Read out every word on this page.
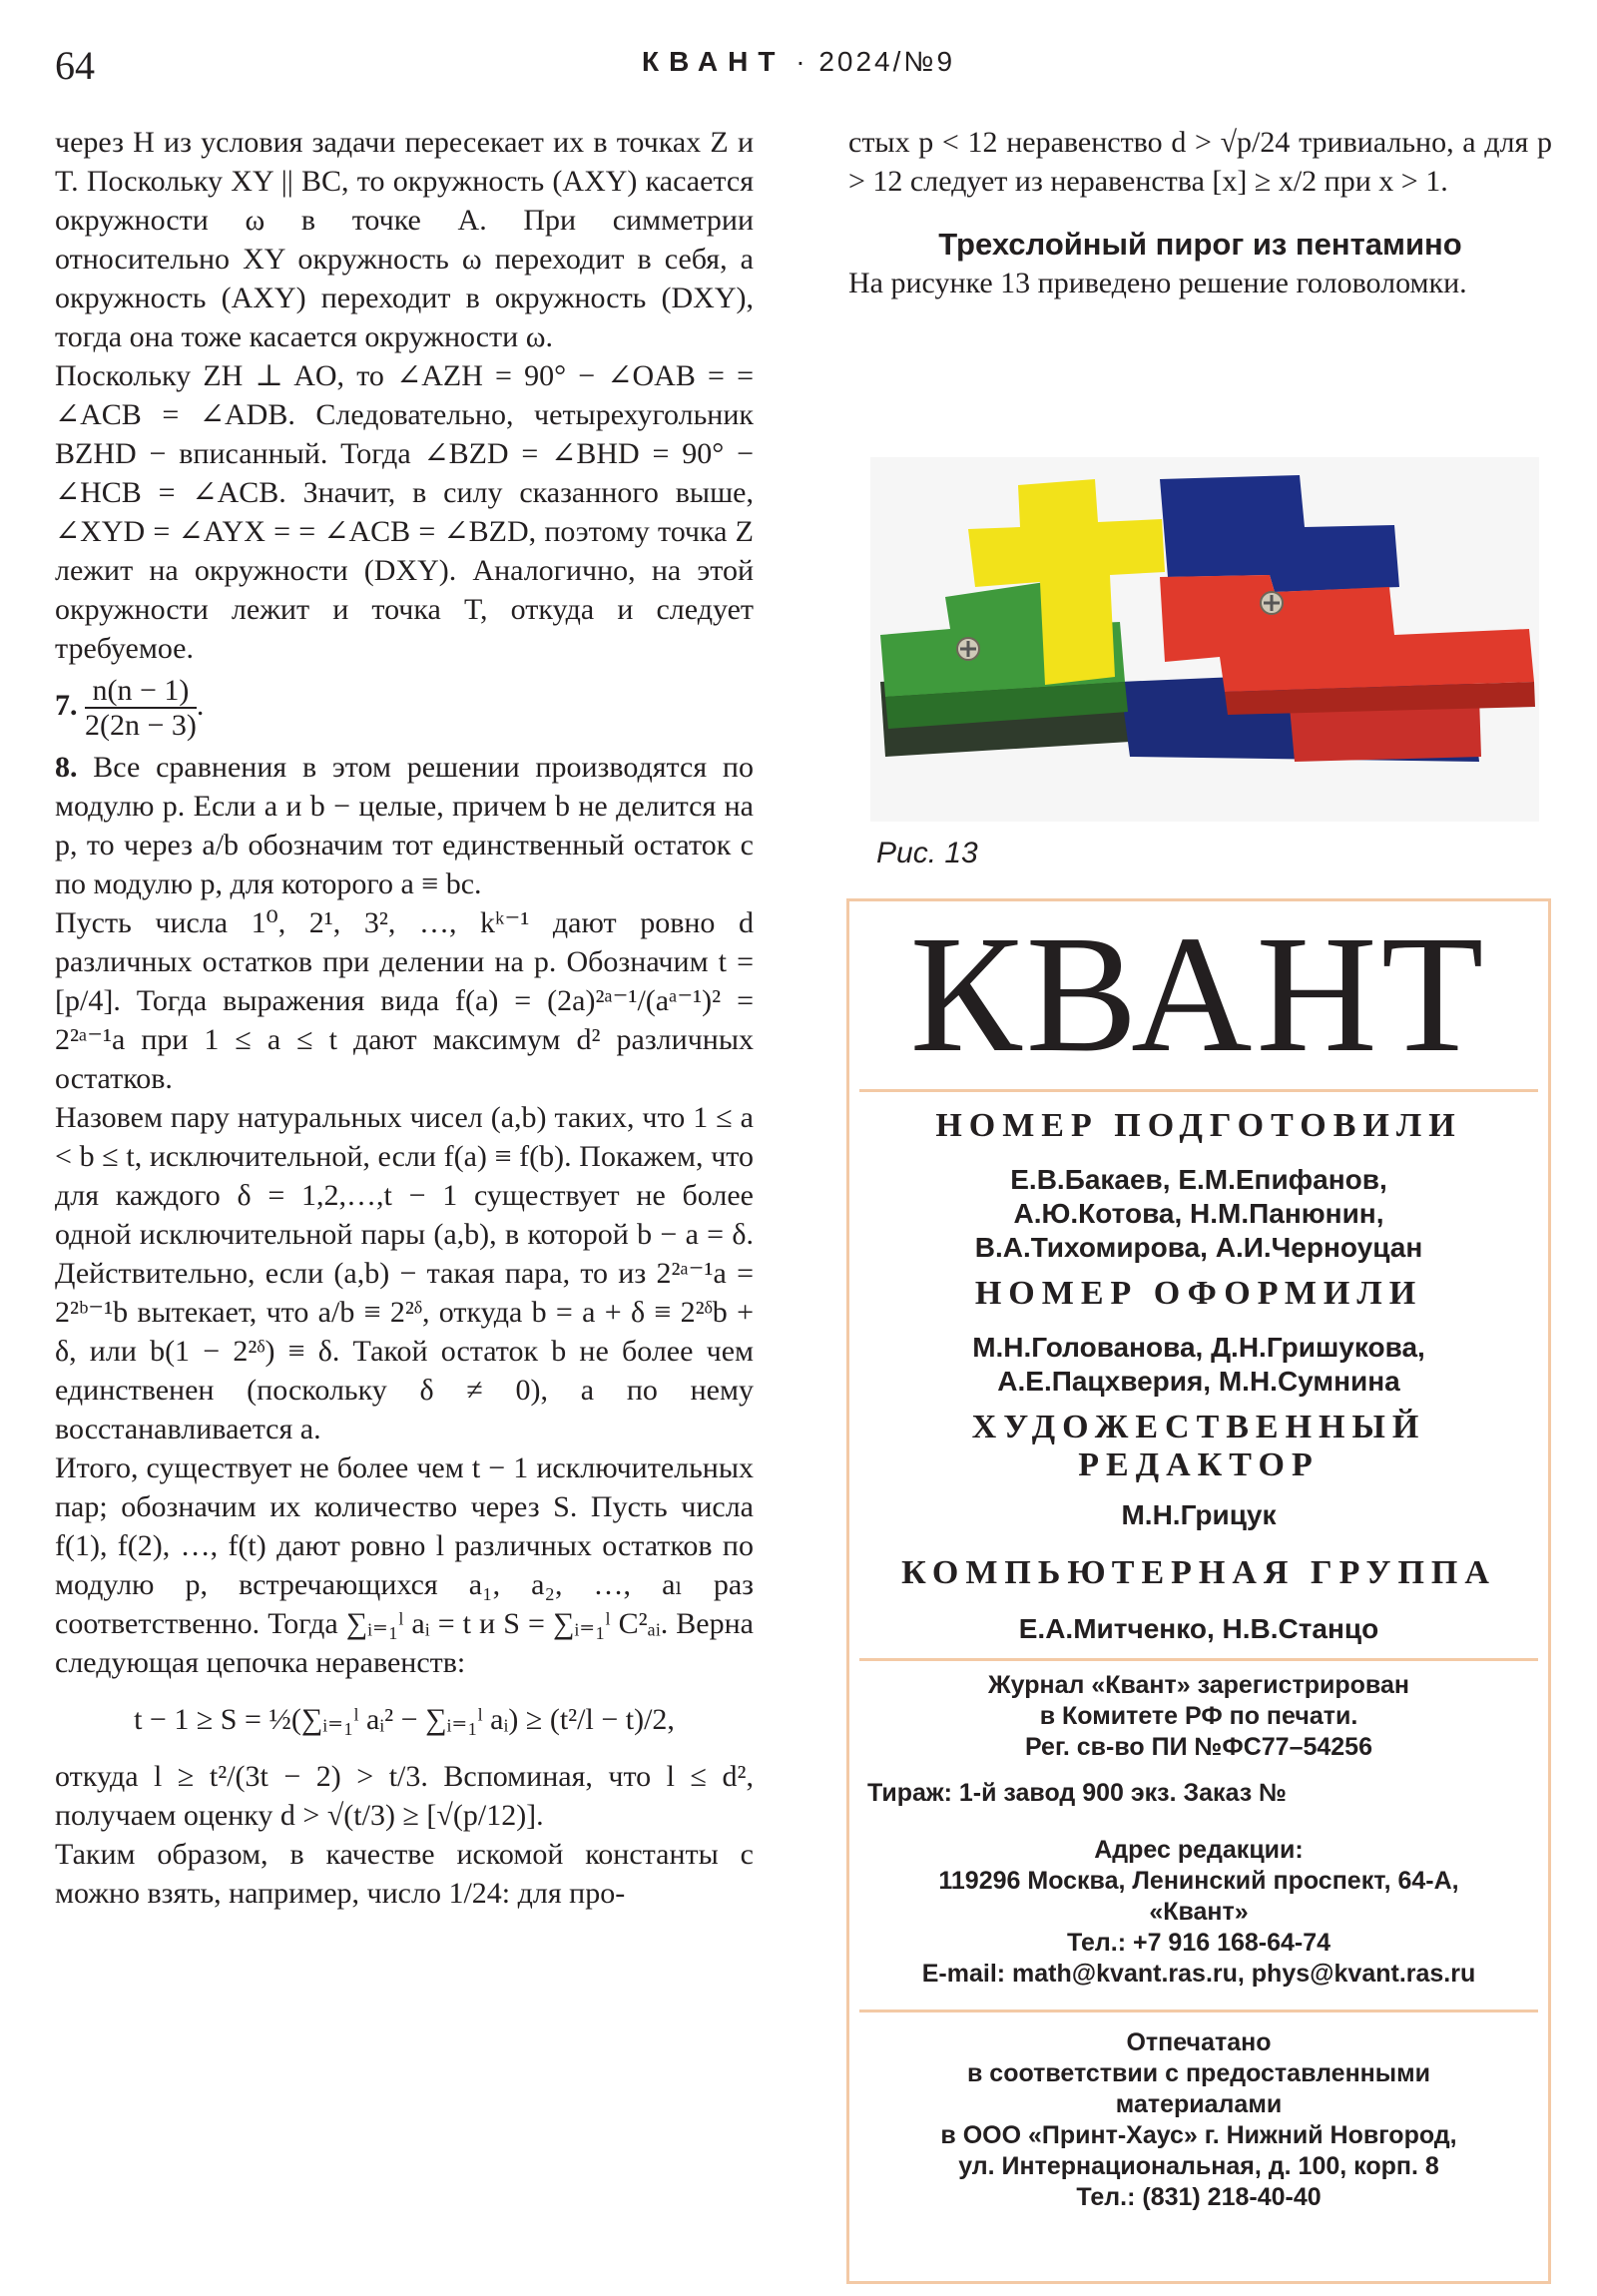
64	КВАНТ · 2024/№9

через H из условия задачи пересекает их в точках Z и T. Поскольку XY || BC, то окружность (AXY) касается окружности ω в точке A. При симметрии относительно XY окружность ω переходит в себя, а окружность (AXY) переходит в окружность (DXY), тогда она тоже касается окружности ω.

Поскольку ZH ⊥ AO, то ∠AZH = 90° − ∠OAB = = ∠ACB = ∠ADB. Следовательно, четырехугольник BZHD − вписанный. Тогда ∠BZD = ∠BHD = 90° − ∠HCB = ∠ACB. Значит, в силу сказанного выше, ∠XYD = ∠AYX = = ∠ACB = ∠BZD, поэтому точка Z лежит на окружности (DXY). Аналогично, на этой окружности лежит и точка T, откуда и следует требуемое.

7. $\frac{n(n - 1)}{2(2n - 3)}$ .

8. Все сравнения в этом решении производятся по модулю p. Если a и b − целые, причем b не делится на p, то через a/b обозначим тот единственный остаток c по модулю p, для которого a ≡ bc.

Пусть числа 1⁰, 2¹, 3², …, kᵏ⁻¹ дают ровно d различных остатков при делении на p. Обозначим t = [p/4]. Тогда выражения вида f(a) = (2a)²ᵃ⁻¹/(aᵃ⁻¹)² = 2²ᵃ⁻¹a при 1 ≤ a ≤ t дают максимум d² различных остатков.

Назовем пару натуральных чисел (a,b) таких, что 1 ≤ a < b ≤ t, исключительной, если f(a) ≡ f(b). Покажем, что для каждого δ = 1,2,…,t − 1 существует не более одной исключительной пары (a,b), в которой b − a = δ. Действительно, если (a,b) − такая пара, то из 2²ᵃ⁻¹a = 2²ᵇ⁻¹b вытекает, что a/b ≡ 2²ᵟ, откуда b = a + δ ≡ 2²ᵟb + δ, или b(1 − 2²ᵟ) ≡ δ. Такой остаток b не более чем единственен (поскольку δ ≠ 0), а по нему восстанавливается a.

Итого, существует не более чем t − 1 исключительных пар; обозначим их количество через S. Пусть числа f(1), f(2), …, f(t) дают ровно l различных остатков по модулю p, встречающихся a₁, a₂, …, aₗ раз соответственно. Тогда ∑ᵢ₌₁ˡ aᵢ = t и S = ∑ᵢ₌₁ˡ C²ₐᵢ. Верна следующая цепочка неравенств:

t − 1 ≥ S = ½(∑ᵢ₌₁ˡ aᵢ² − ∑ᵢ₌₁ˡ aᵢ) ≥ (t²/l − t)/2,

откуда l ≥ t²/(3t − 2) > t/3. Вспоминая, что l ≤ d², получаем оценку d > √(t/3) ≥ [√(p/12)].

Таким образом, в качестве искомой константы c можно взять, например, число 1/24: для про-

стых p < 12 неравенство d > √p/24 тривиально, а для p > 12 следует из неравенства [x] ≥ x/2 при x > 1.

Трехслойный пирог из пентамино

На рисунке 13 приведено решение головоломки.

Рис. 13
КВАНТ
НОМЕР ПОДГОТОВИЛИ
Е.В.Бакаев, Е.М.Епифанов,
А.Ю.Котова, Н.М.Панюнин,
В.А.Тихомирова, А.И.Черноуцан
НОМЕР ОФОРМИЛИ
М.Н.Голованова, Д.Н.Гришукова,
А.Е.Пацхверия, М.Н.Сумнина
ХУДОЖЕСТВЕННЫЙ
РЕДАКТОР
М.Н.Грицук
КОМПЬЮТЕРНАЯ ГРУППА
Е.А.Митченко, Н.В.Станцо
Журнал «Квант» зарегистрирован
в Комитете РФ по печати.
Рег. св-во ПИ №ФС77–54256
Тираж: 1-й завод 900 экз. Заказ №
Адрес редакции:
119296 Москва, Ленинский проспект, 64-А,
«Квант»
Тел.: +7 916 168-64-74
E-mail: math@kvant.ras.ru, phys@kvant.ras.ru
Отпечатано
в соответствии с предоставленными
материалами
в ООО «Принт-Хаус» г. Нижний Новгород,
ул. Интернациональная, д. 100, корп. 8
Тел.: (831) 218-40-40
